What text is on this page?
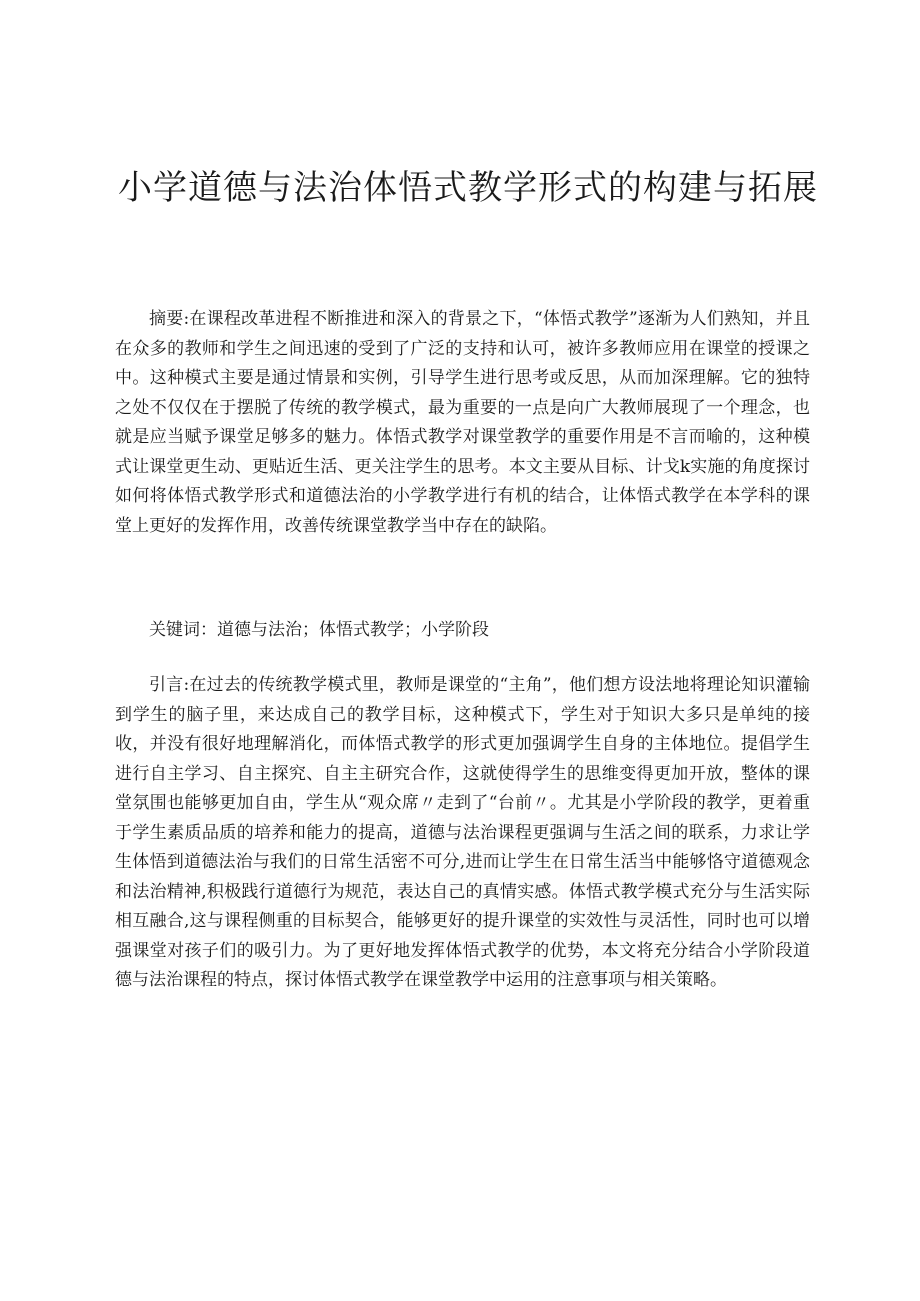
小学道德与法治体悟式教学形式的构建与拓展

摘要:在课程改革进程不断推进和深入的背景之下，“体悟式教学”逐渐为人们熟知，并且在众多的教师和学生之间迅速的受到了广泛的支持和认可，被许多教师应用在课堂的授课之中。这种模式主要是通过情景和实例，引导学生进行思考或反思，从而加深理解。它的独特之处不仅仅在于摆脱了传统的教学模式，最为重要的一点是向广大教师展现了一个理念，也就是应当赋予课堂足够多的魅力。体悟式教学对课堂教学的重要作用是不言而喻的，这种模式让课堂更生动、更贴近生活、更关注学生的思考。本文主要从目标、计戈k实施的角度探讨如何将体悟式教学形式和道德法治的小学教学进行有机的结合，让体悟式教学在本学科的课堂上更好的发挥作用，改善传统课堂教学当中存在的缺陷。

关键词：道德与法治；体悟式教学；小学阶段

引言:在过去的传统教学模式里，教师是课堂的“主角”，他们想方设法地将理论知识灌输到学生的脑子里，来达成自己的教学目标，这种模式下，学生对于知识大多只是单纯的接收，并没有很好地理解消化，而体悟式教学的形式更加强调学生自身的主体地位。提倡学生进行自主学习、自主探究、自主主研究合作，这就使得学生的思维变得更加开放，整体的课堂氛围也能够更加自由，学生从“观众席〃走到了“台前〃。尤其是小学阶段的教学，更着重于学生素质品质的培养和能力的提高，道德与法治课程更强调与生活之间的联系，力求让学生体悟到道德法治与我们的日常生活密不可分,进而让学生在日常生活当中能够恪守道德观念和法治精神,积极践行道德行为规范，表达自己的真情实感。体悟式教学模式充分与生活实际相互融合,这与课程侧重的目标契合，能够更好的提升课堂的实效性与灵活性，同时也可以增强课堂对孩子们的吸引力。为了更好地发挥体悟式教学的优势，本文将充分结合小学阶段道德与法治课程的特点，探讨体悟式教学在课堂教学中运用的注意事项与相关策略。
